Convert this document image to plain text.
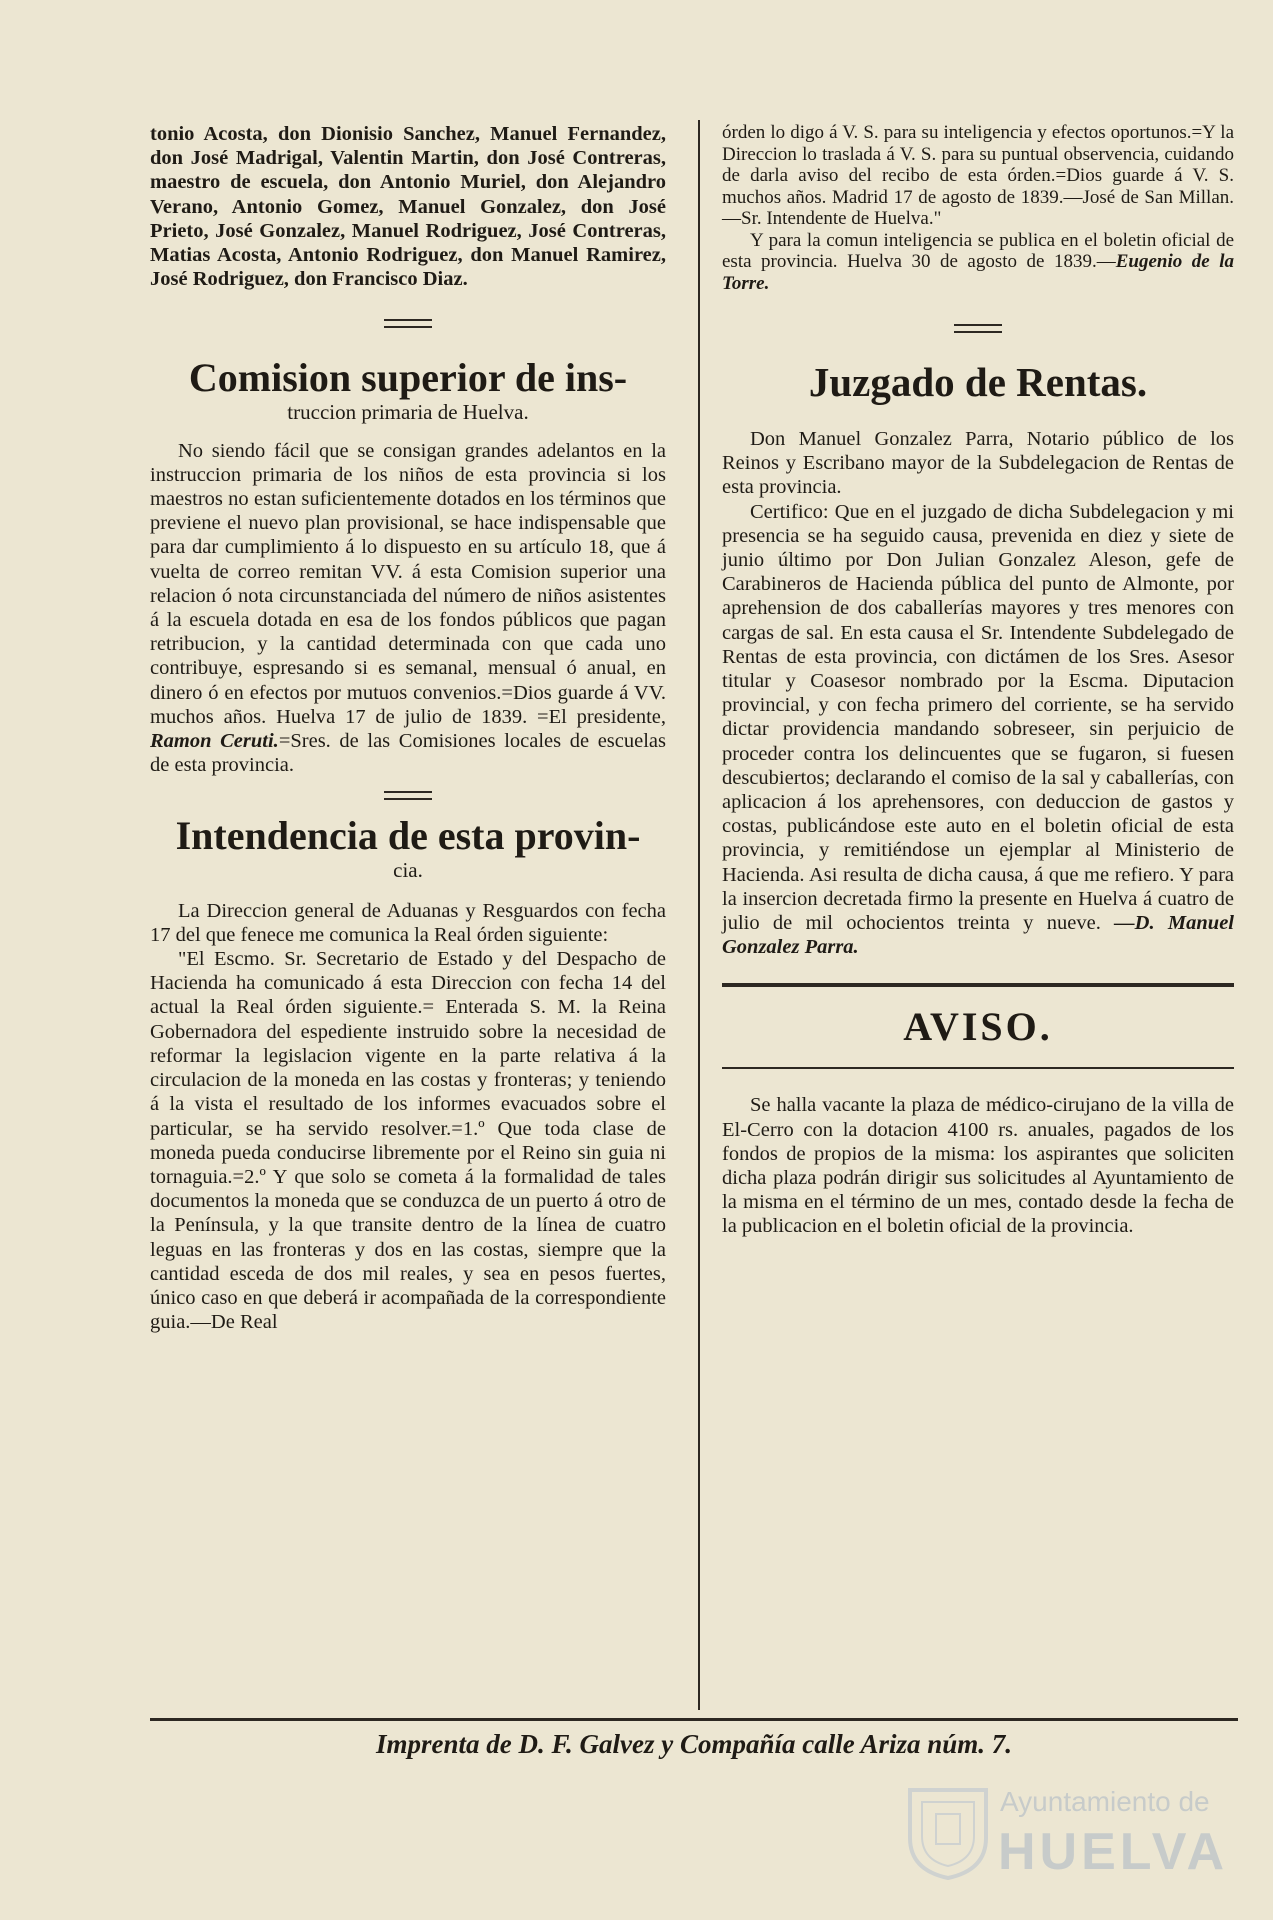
tonio Acosta, don Dionisio Sanchez, Manuel Fernandez, don José Madrigal, Valentin Martin, don José Contreras, maestro de escuela, don Antonio Muriel, don Alejandro Verano, Antonio Gomez, Manuel Gonzalez, don José Prieto, José Gonzalez, Manuel Rodriguez, José Contreras, Matias Acosta, Antonio Rodriguez, don Manuel Ramirez, José Rodriguez, don Francisco Diaz.

Comision superior de ins-

truccion primaria de Huelva.

No siendo fácil que se consigan grandes adelantos en la instruccion primaria de los niños de esta provincia si los maestros no estan suficientemente dotados en los términos que previene el nuevo plan provisional, se hace indispensable que para dar cumplimiento á lo dispuesto en su artículo 18, que á vuelta de correo remitan VV. á esta Comision superior una relacion ó nota circunstanciada del número de niños asistentes á la escuela dotada en esa de los fondos públicos que pagan retribucion, y la cantidad determinada con que cada uno contribuye, espresando si es semanal, mensual ó anual, en dinero ó en efectos por mutuos convenios.=Dios guarde á VV. muchos años. Huelva 17 de julio de 1839. =El presidente, Ramon Ceruti.=Sres. de las Comisiones locales de escuelas de esta provincia.

Intendencia de esta provin-

cia.

La Direccion general de Aduanas y Resguardos con fecha 17 del que fenece me comunica la Real órden siguiente:

"El Escmo. Sr. Secretario de Estado y del Despacho de Hacienda ha comunicado á esta Direccion con fecha 14 del actual la Real órden siguiente.= Enterada S. M. la Reina Gobernadora del espediente instruido sobre la necesidad de reformar la legislacion vigente en la parte relativa á la circulacion de la moneda en las costas y fronteras; y teniendo á la vista el resultado de los informes evacuados sobre el particular, se ha servido resolver.=1.º Que toda clase de moneda pueda conducirse libremente por el Reino sin guia ni tornaguia.=2.º Y que solo se cometa á la formalidad de tales documentos la moneda que se conduzca de un puerto á otro de la Península, y la que transite dentro de la línea de cuatro leguas en las fronteras y dos en las costas, siempre que la cantidad esceda de dos mil reales, y sea en pesos fuertes, único caso en que deberá ir acompañada de la correspondiente guia.—De Real

órden lo digo á V. S. para su inteligencia y efectos oportunos.=Y la Direccion lo traslada á V. S. para su puntual observencia, cuidando de darla aviso del recibo de esta órden.=Dios guarde á V. S. muchos años. Madrid 17 de agosto de 1839.—José de San Millan.—Sr. Intendente de Huelva."

Y para la comun inteligencia se publica en el boletin oficial de esta provincia. Huelva 30 de agosto de 1839.—Eugenio de la Torre.

Juzgado de Rentas.

Don Manuel Gonzalez Parra, Notario público de los Reinos y Escribano mayor de la Subdelegacion de Rentas de esta provincia.

Certifico: Que en el juzgado de dicha Subdelegacion y mi presencia se ha seguido causa, prevenida en diez y siete de junio último por Don Julian Gonzalez Aleson, gefe de Carabineros de Hacienda pública del punto de Almonte, por aprehension de dos caballerías mayores y tres menores con cargas de sal. En esta causa el Sr. Intendente Subdelegado de Rentas de esta provincia, con dictámen de los Sres. Asesor titular y Coasesor nombrado por la Escma. Diputacion provincial, y con fecha primero del corriente, se ha servido dictar providencia mandando sobreseer, sin perjuicio de proceder contra los delincuentes que se fugaron, si fuesen descubiertos; declarando el comiso de la sal y caballerías, con aplicacion á los aprehensores, con deduccion de gastos y costas, publicándose este auto en el boletin oficial de esta provincia, y remitiéndose un ejemplar al Ministerio de Hacienda. Asi resulta de dicha causa, á que me refiero. Y para la insercion decretada firmo la presente en Huelva á cuatro de julio de mil ochocientos treinta y nueve. —D. Manuel Gonzalez Parra.

AVISO.

Se halla vacante la plaza de médico-cirujano de la villa de El-Cerro con la dotacion 4100 rs. anuales, pagados de los fondos de propios de la misma: los aspirantes que soliciten dicha plaza podrán dirigir sus solicitudes al Ayuntamiento de la misma en el término de un mes, contado desde la fecha de la publicacion en el boletin oficial de la provincia.

Imprenta de D. F. Galvez y Compañía calle Ariza núm. 7.
Ayuntamiento de
HUELVA
